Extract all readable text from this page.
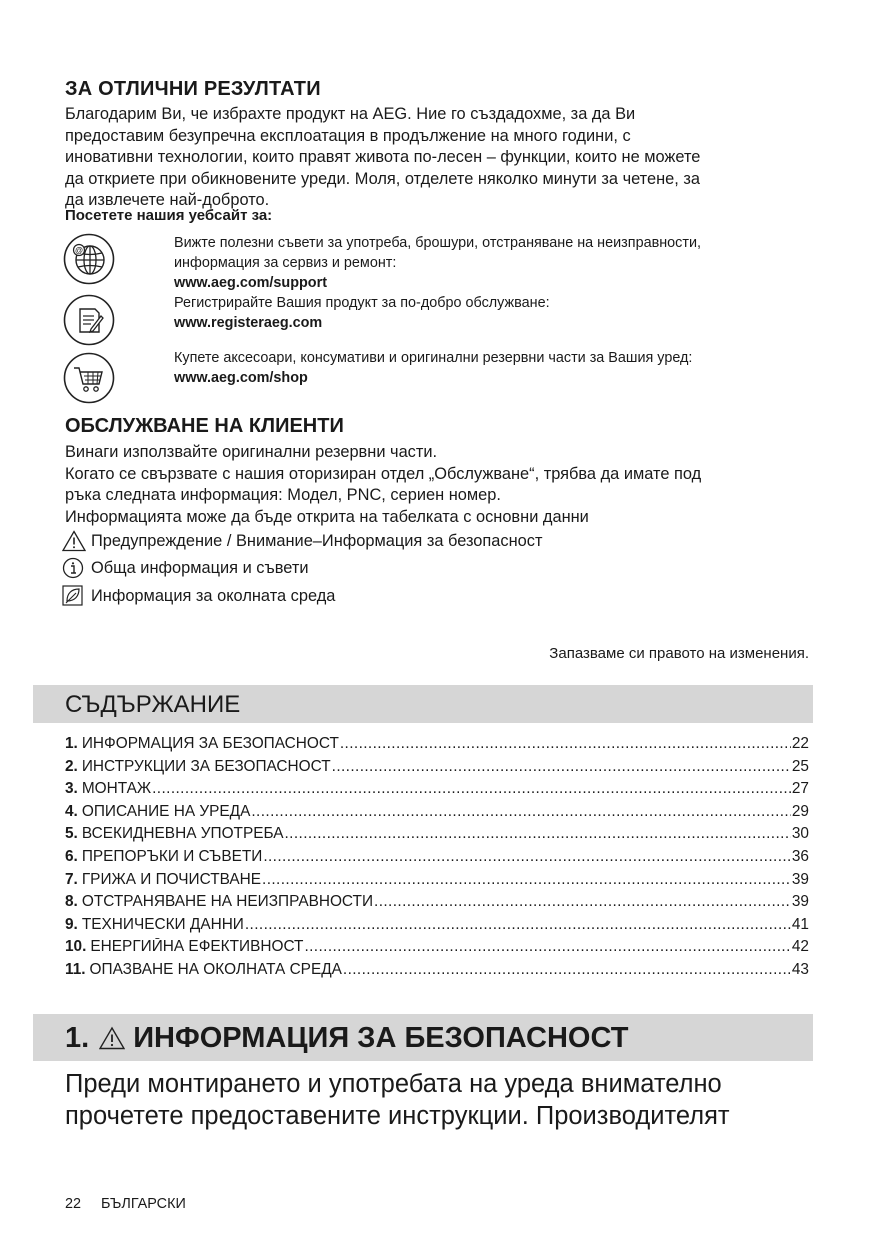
ЗА ОТЛИЧНИ РЕЗУЛТАТИ
Благодарим Ви, че избрахте продукт на AEG. Ние го създадохме, за да Ви
предоставим безупречна експлоатация в продължение на много години, с
иновативни технологии, които правят живота по-лесен – функции, които не можете
да откриете при обикновените уреди. Моля, отделете няколко минути за четене, за
да извлечете най-доброто.
Посетете нашия уебсайт за:
@	Вижте полезни съвети за употреба, брошури, отстраняване на неизправности,
информация за сервиз и ремонт:
www.aeg.com/support
Регистрирайте Вашия продукт за по-добро обслужване:
www.registeraeg.com
Купете аксесоари, консумативи и оригинални резервни части за Вашия уред:
www.aeg.com/shop
ОБСЛУЖВАНЕ НА КЛИЕНТИ
Винаги използвайте оригинални резервни части.
Когато се свързвате с нашия оторизиран отдел „Обслужване“, трябва да имате под
ръка следната информация: Модел, PNC, сериен номер.
Информацията може да бъде открита на табелката с основни данни
Предупреждение / Внимание–Информация за безопасност
Обща информация и съвети
Информация за околната среда
Запазваме си правото на изменения.
СЪДЪРЖАНИЕ
1. ИНФОРМАЦИЯ ЗА БЕЗОПАСНОСТ .....	22
2. ИНСТРУКЦИИ ЗА БЕЗОПАСНОСТ .....	25
3. МОНТАЖ .....	27
4. ОПИСАНИЕ НА УРЕДА .....	29
5. ВСЕКИДНЕВНА УПОТРЕБА .....	30
6. ПРЕПОРЪКИ И СЪВЕТИ .....	36
7. ГРИЖА И ПОЧИСТВАНЕ .....	39
8. ОТСТРАНЯВАНЕ НА НЕИЗПРАВНОСТИ .....	39
9. ТЕХНИЧЕСКИ ДАННИ .....	41
10. ЕНЕРГИЙНА ЕФЕКТИВНОСТ .....	42
11. ОПАЗВАНЕ НА ОКОЛНАТА СРЕДА .....	43
1. ИНФОРМАЦИЯ ЗА БЕЗОПАСНОСТ
Преди монтирането и употребата на уреда внимателно
прочетете предоставените инструкции. Производителят
22 БЪЛГАРСКИ
